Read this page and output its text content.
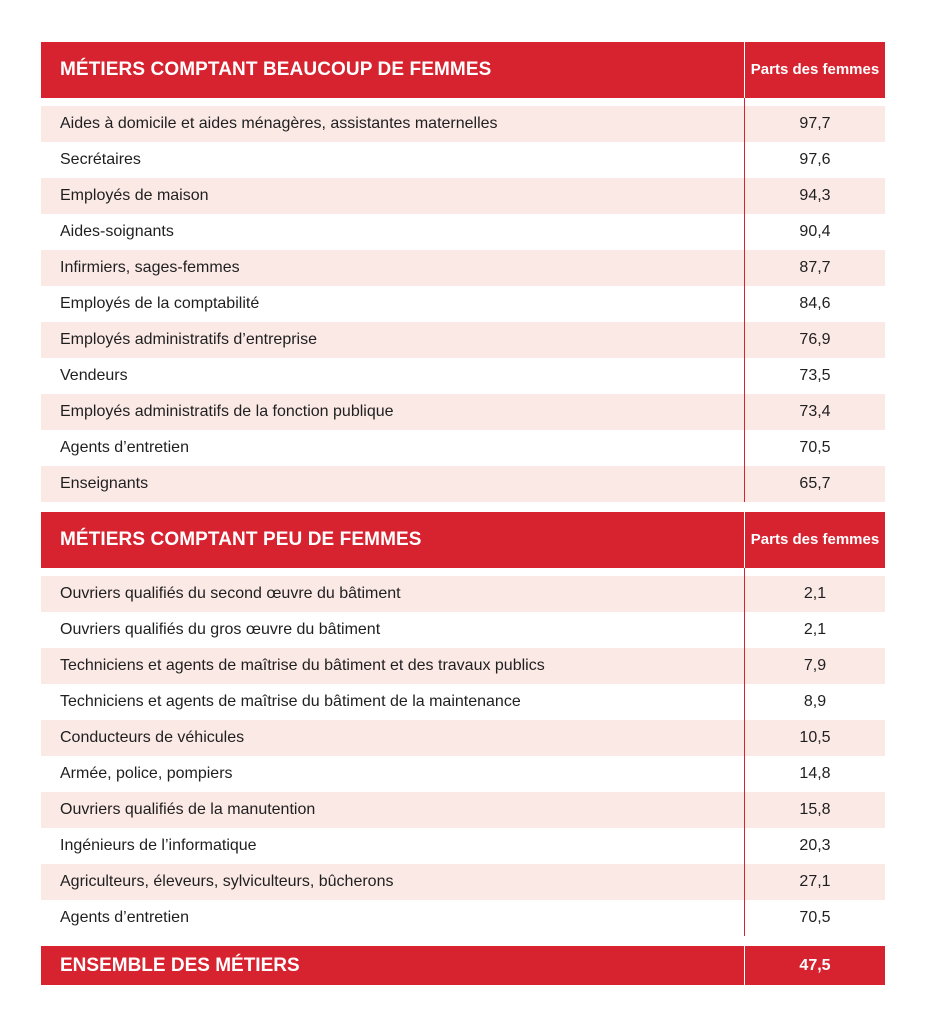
MÉTIERS COMPTANT BEAUCOUP DE FEMMES	Parts des femmes
Aides à domicile et aides ménagères, assistantes maternelles	97,7
Secrétaires	97,6
Employés de maison	94,3
Aides-soignants	90,4
Infirmiers, sages-femmes	87,7
Employés de la comptabilité	84,6
Employés administratifs d’entreprise	76,9
Vendeurs	73,5
Employés administratifs de la fonction publique	73,4
Agents d’entretien	70,5
Enseignants	65,7
MÉTIERS COMPTANT PEU DE FEMMES	Parts des femmes
Ouvriers qualifiés du second œuvre du bâtiment	2,1
Ouvriers qualifiés du gros œuvre du bâtiment	2,1
Techniciens et agents de maîtrise du bâtiment et des travaux publics	7,9
Techniciens et agents de maîtrise du bâtiment de la maintenance	8,9
Conducteurs de véhicules	10,5
Armée, police, pompiers	14,8
Ouvriers qualifiés de la manutention	15,8
Ingénieurs de l’informatique	20,3
Agriculteurs, éleveurs, sylviculteurs, bûcherons	27,1
Agents d’entretien	70,5
ENSEMBLE DES MÉTIERS	47,5
